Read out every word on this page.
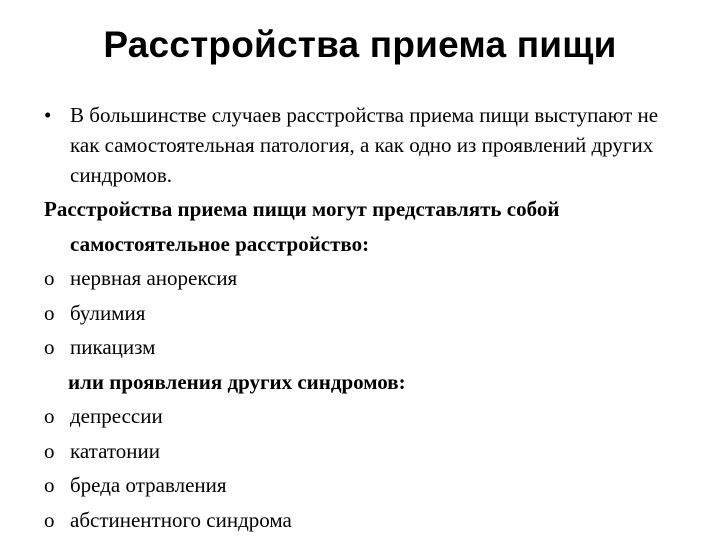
Расстройства приема пищи
• В большинстве случаев расстройства приема пищи выступают не как самостоятельная патология, а как одно из проявлений других синдромов.
Расстройства приема пищи могут представлять собой самостоятельное расстройство:
o нервная анорексия
o булимия
o пикацизм
или проявления других синдромов:
o депрессии
o кататонии
o бреда отравления
o абстинентного синдрома
